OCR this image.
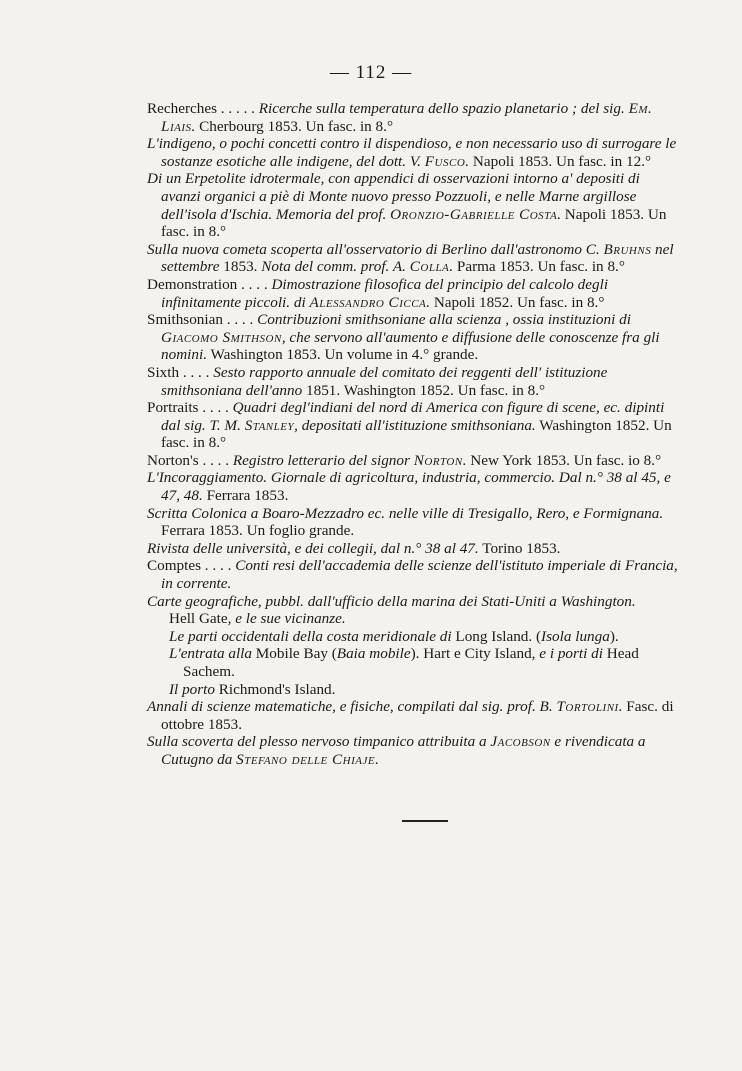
— 112 —

Recherches . . . . . Ricerche sulla temperatura dello spazio planetario ; del sig. Em. Liais. Cherbourg 1853. Un fasc. in 8.°

L'indigeno, o pochi concetti contro il dispendioso, e non necessario uso di surrogare le sostanze esotiche alle indigene, del dott. V. Fusco. Napoli 1853. Un fasc. in 12.°

Di un Erpetolite idrotermale, con appendici di osservazioni intorno a' depositi di avanzi organici a piè di Monte nuovo presso Pozzuoli, e nelle Marne argillose dell'isola d'Ischia. Memoria del prof. Oronzio-Gabrielle Costa. Napoli 1853. Un fasc. in 8.°

Sulla nuova cometa scoperta all'osservatorio di Berlino dall'astronomo C. Bruhns nel settembre 1853. Nota del comm. prof. A. Colla. Parma 1853. Un fasc. in 8.°

Demonstration . . . . Dimostrazione filosofica del principio del calcolo degli infinitamente piccoli. di Alessandro Cicca. Napoli 1852. Un fasc. in 8.°

Smithsonian . . . . Contribuzioni smithsoniane alla scienza , ossia instituzioni di Giacomo Smithson, che servono all'aumento e diffusione delle conoscenze fra gli nomini. Washington 1853. Un volume in 4.° grande.

Sixth . . . . Sesto rapporto annuale del comitato dei reggenti dell' istituzione smithsoniana dell'anno 1851. Washington 1852. Un fasc. in 8.°

Portraits . . . . Quadri degl'indiani del nord di America con figure di scene, ec. dipinti dal sig. T. M. Stanley, depositati all'istituzione smithsoniana. Washington 1852. Un fasc. in 8.°

Norton's . . . . Registro letterario del signor Norton. New York 1853. Un fasc. io 8.°

L'Incoraggiamento. Giornale di agricoltura, industria, commercio. Dal n.° 38 al 45, e 47, 48. Ferrara 1853.

Scritta Colonica a Boaro-Mezzadro ec. nelle ville di Tresigallo, Rero, e Formignana. Ferrara 1853. Un foglio grande.

Rivista delle università, e dei collegii, dal n.° 38 al 47. Torino 1853.

Comptes . . . . Conti resi dell'accademia delle scienze dell'istituto imperiale di Francia, in corrente.

Carte geografiche, pubbl. dall'ufficio della marina dei Stati-Uniti a Washington.

Hell Gate, e le sue vicinanze.

Le parti occidentali della costa meridionale di Long Island. (Isola lunga).

L'entrata alla Mobile Bay (Baia mobile). Hart e City Island, e i porti di Head Sachem.

Il porto Richmond's Island.

Annali di scienze matematiche, e fisiche, compilati dal sig. prof. B. Tortolini. Fasc. di ottobre 1853.

Sulla scoverta del plesso nervoso timpanico attribuita a Jacobson e rivendicata a Cutugno da Stefano delle Chiaje.
